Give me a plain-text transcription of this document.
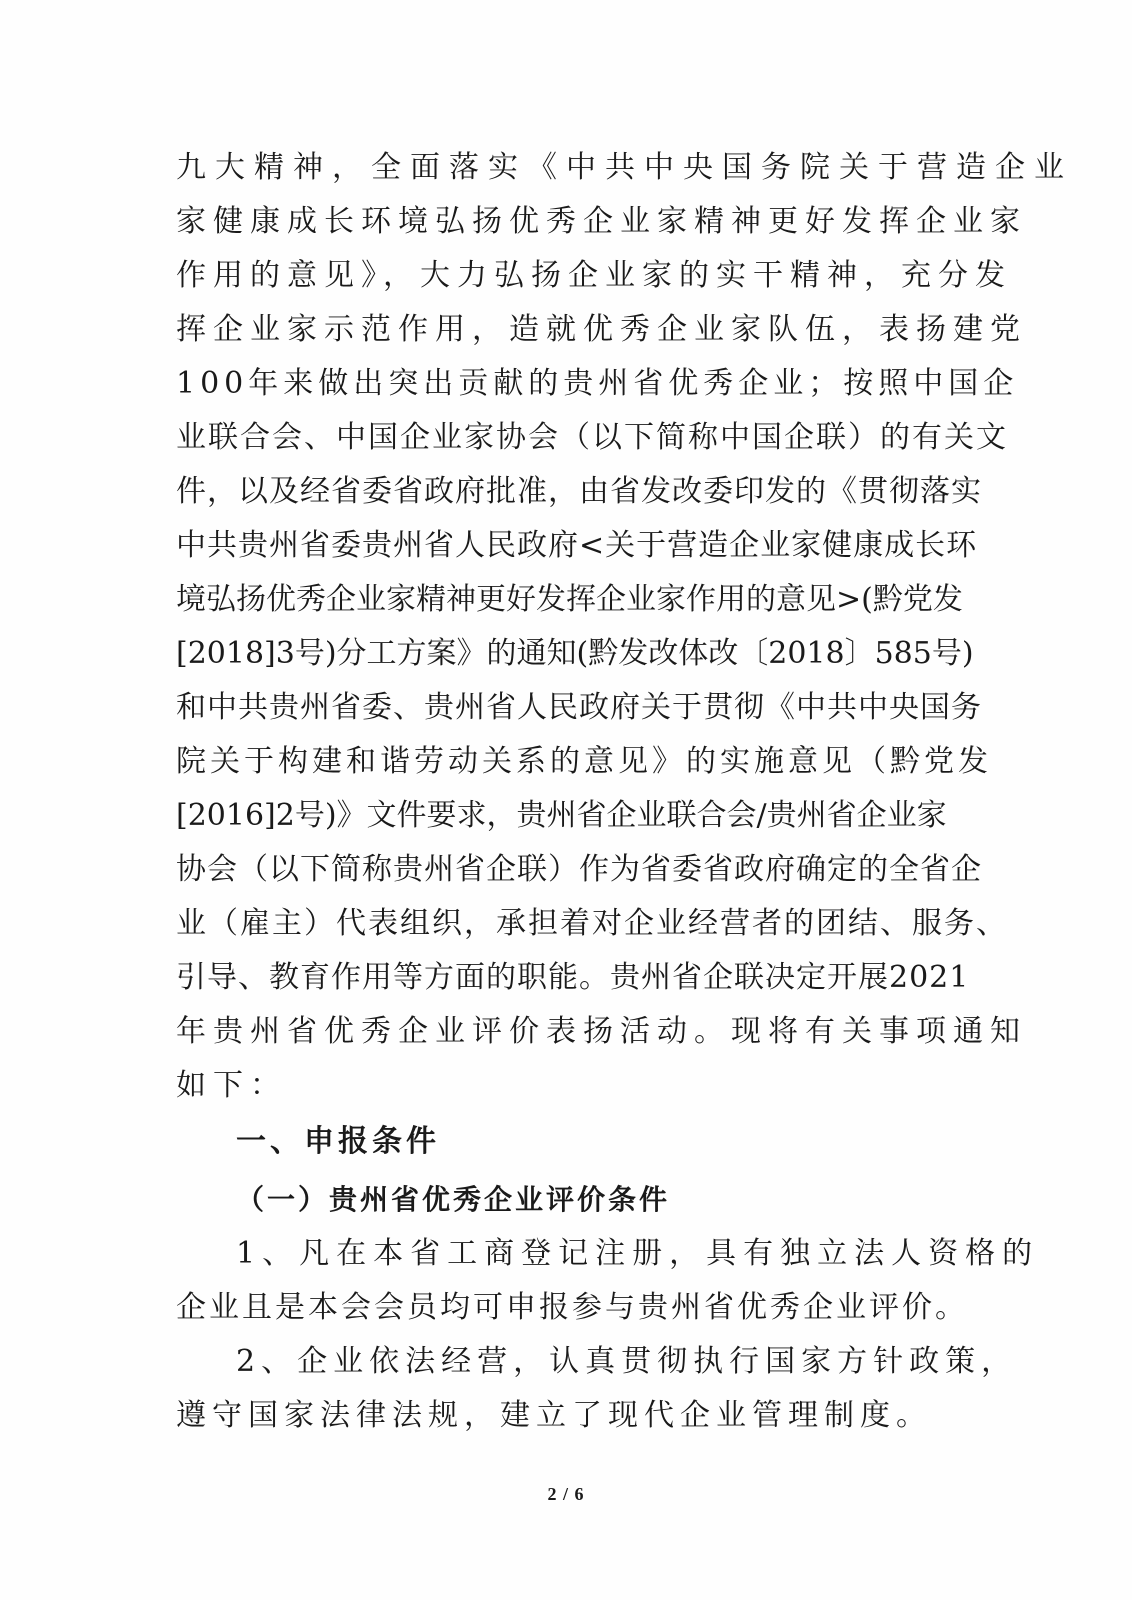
九大精神，全面落实《中共中央国务院关于营造企业
家健康成长环境弘扬优秀企业家精神更好发挥企业家
作用的意见》，大力弘扬企业家的实干精神，充分发
挥企业家示范作用，造就优秀企业家队伍，表扬建党
100年来做出突出贡献的贵州省优秀企业；按照中国企
业联合会、中国企业家协会（以下简称中国企联）的有关文
件，以及经省委省政府批准，由省发改委印发的《贯彻落实
中共贵州省委贵州省人民政府<关于营造企业家健康成长环
境弘扬优秀企业家精神更好发挥企业家作用的意见>(黔党发
[2018]3号)分工方案》的通知(黔发改体改〔2018〕585号)
和中共贵州省委、贵州省人民政府关于贯彻《中共中央国务
院关于构建和谐劳动关系的意见》的实施意见（黔党发
[2016]2号)》文件要求，贵州省企业联合会/贵州省企业家
协会（以下简称贵州省企联）作为省委省政府确定的全省企
业（雇主）代表组织，承担着对企业经营者的团结、服务、
引导、教育作用等方面的职能。贵州省企联决定开展2021
年贵州省优秀企业评价表扬活动。现将有关事项通知
如下：
一、申报条件
（一）贵州省优秀企业评价条件
1、凡在本省工商登记注册，具有独立法人资格的
企业且是本会会员均可申报参与贵州省优秀企业评价。
2、企业依法经营，认真贯彻执行国家方针政策，
遵守国家法律法规，建立了现代企业管理制度。
2 / 6
